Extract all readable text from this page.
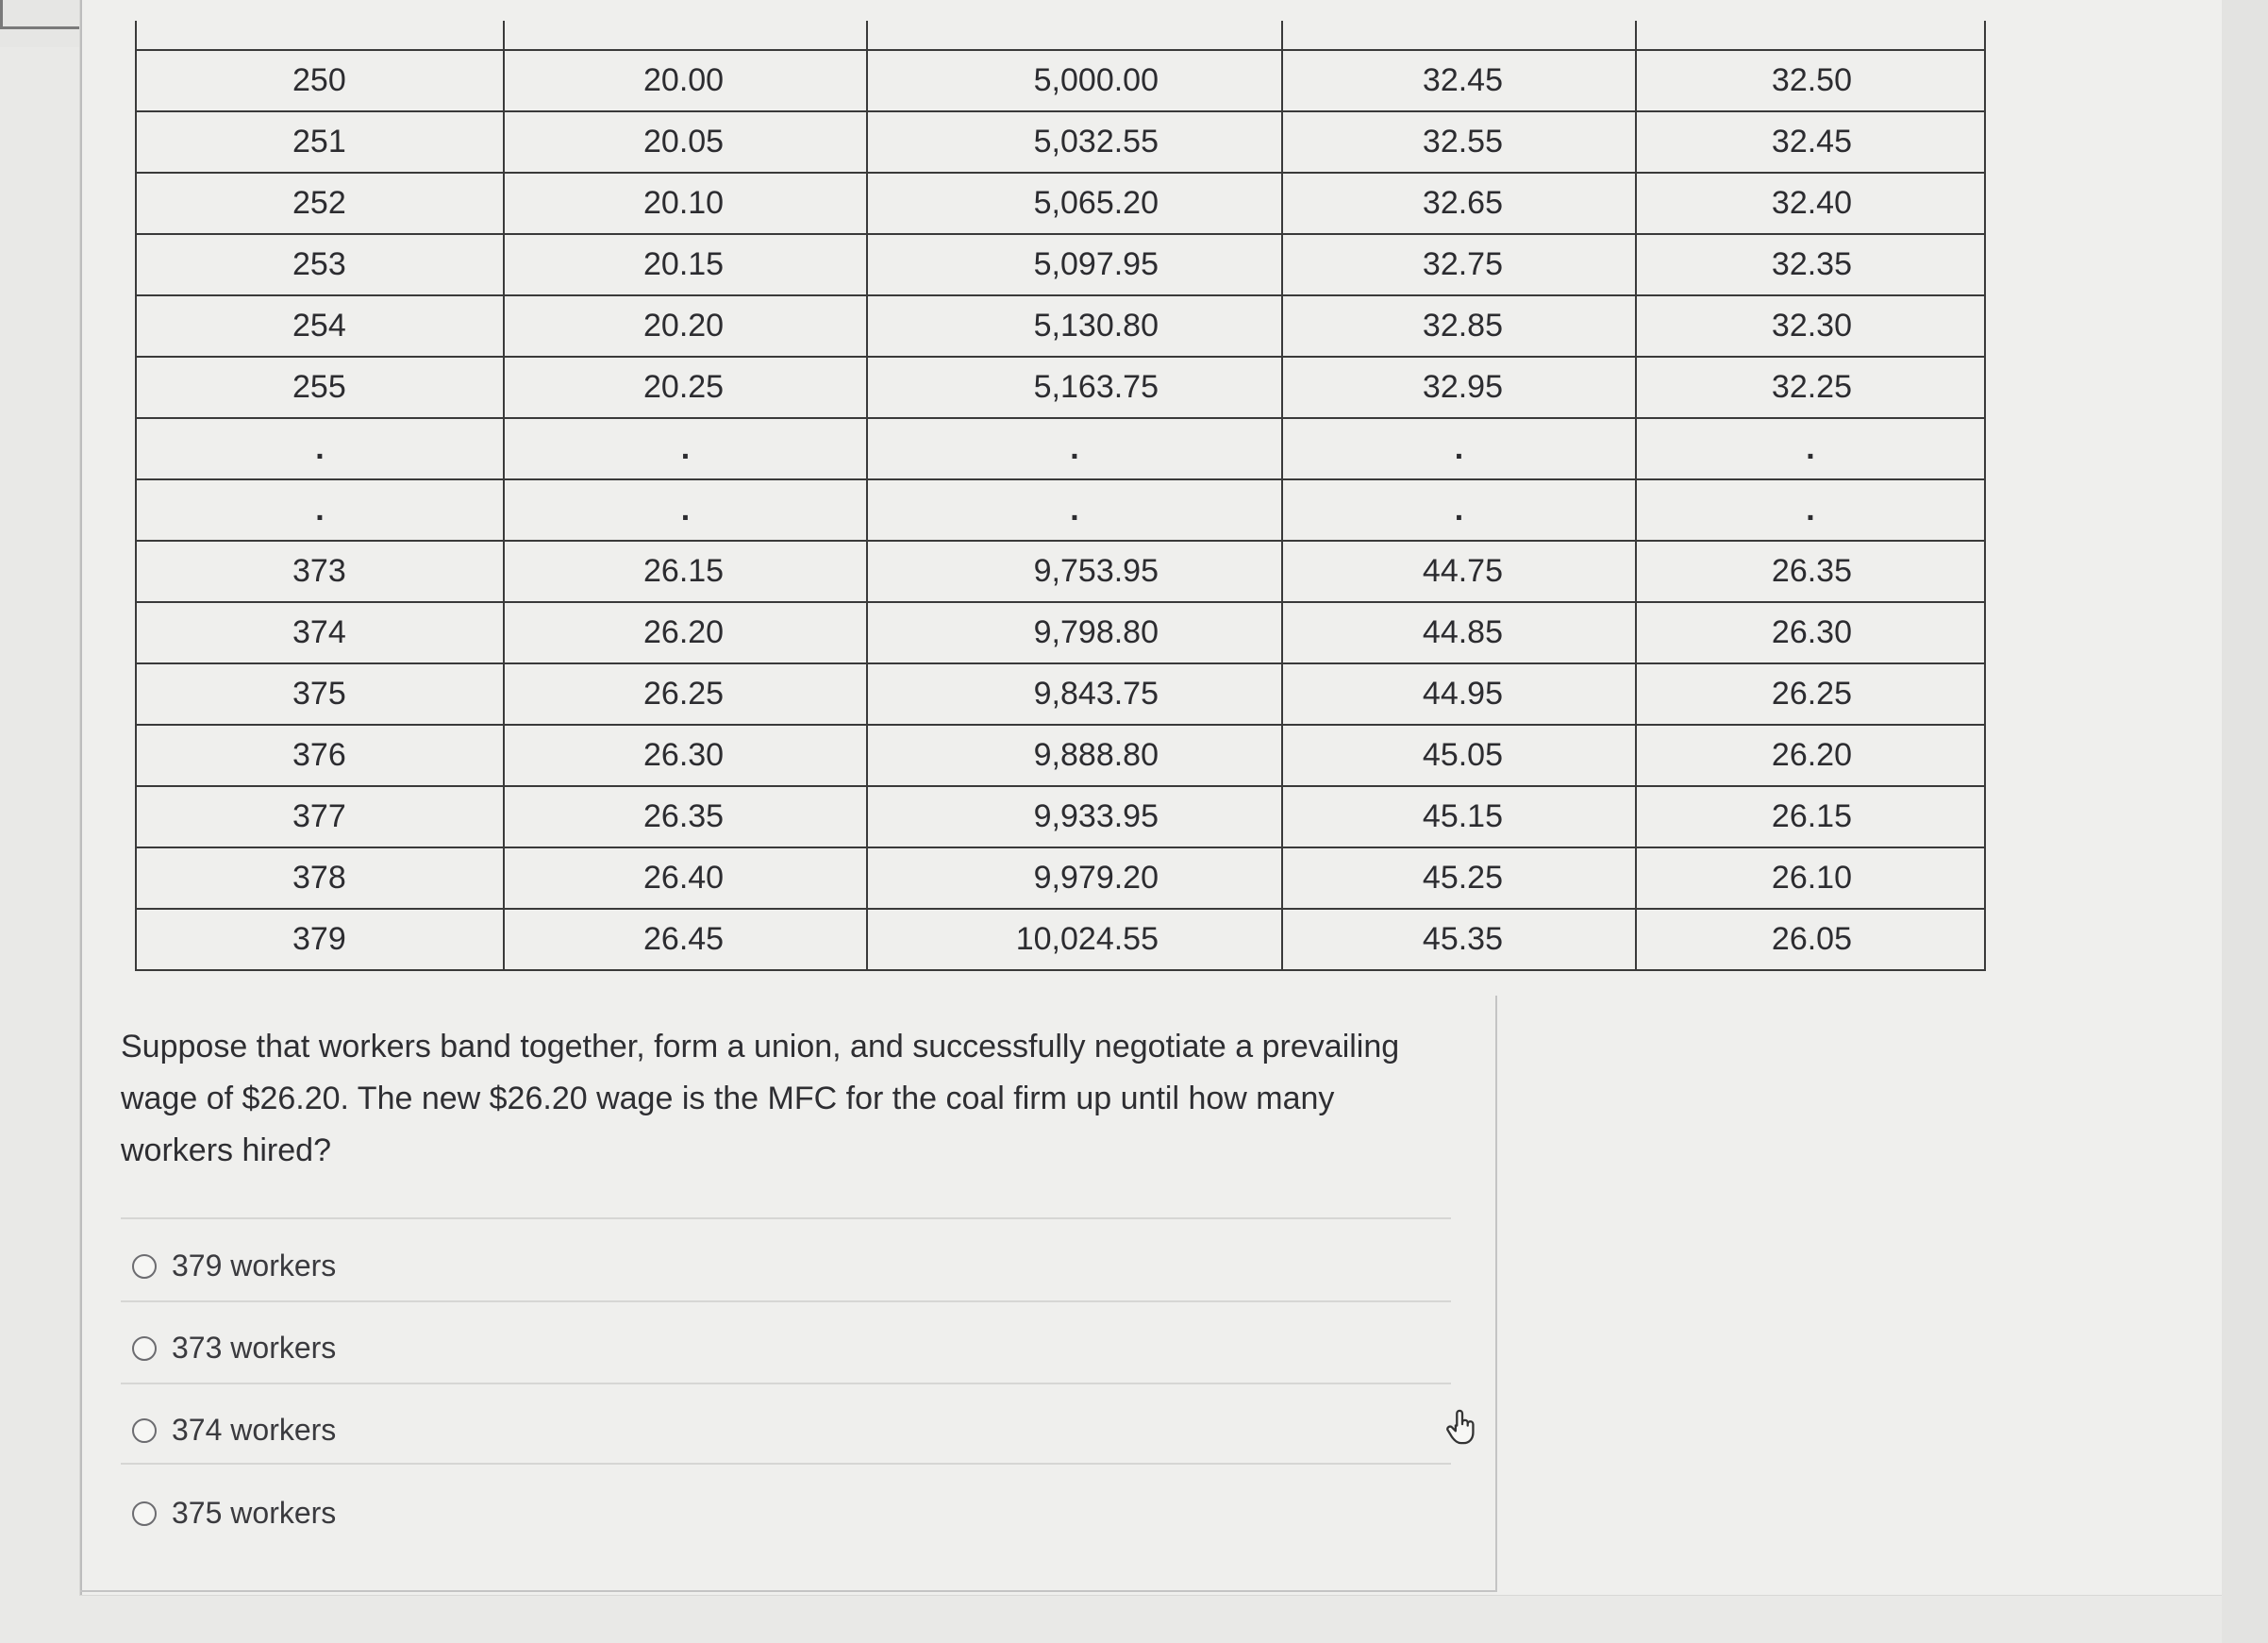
250	20.00	5,000.00	32.45	32.50
251	20.05	5,032.55	32.55	32.45
252	20.10	5,065.20	32.65	32.40
253	20.15	5,097.95	32.75	32.35
254	20.20	5,130.80	32.85	32.30
255	20.25	5,163.75	32.95	32.25
.	.	.	.	.
.	.	.	.	.
373	26.15	9,753.95	44.75	26.35
374	26.20	9,798.80	44.85	26.30
375	26.25	9,843.75	44.95	26.25
376	26.30	9,888.80	45.05	26.20
377	26.35	9,933.95	45.15	26.15
378	26.40	9,979.20	45.25	26.10
379	26.45	10,024.55	45.35	26.05
Suppose that workers band together, form a union, and successfully negotiate a prevailing
wage of $26.20. The new $26.20 wage is the MFC for the coal firm up until how many
workers hired?
379 workers
373 workers
374 workers
375 workers
